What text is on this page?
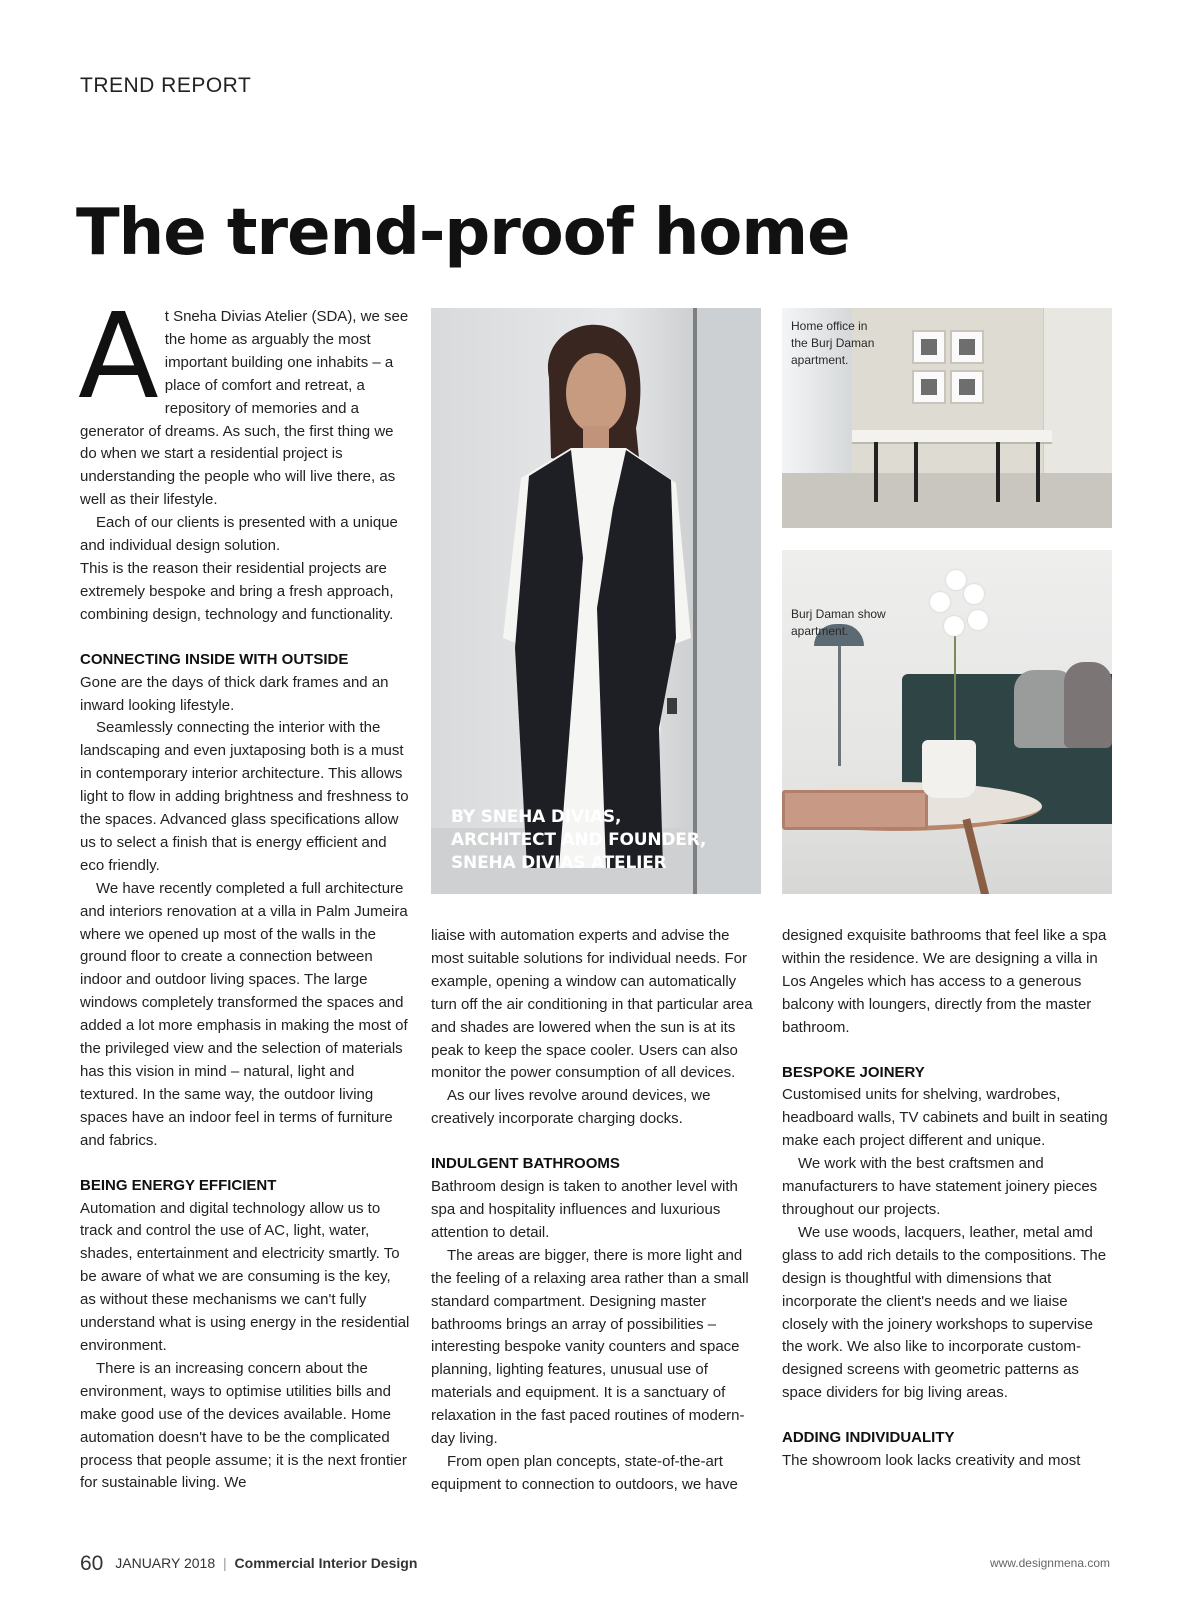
TREND REPORT
The trend-proof home

At Sneha Divias Atelier (SDA), we see the home as arguably the most important building one inhabits – a place of comfort and retreat, a repository of memories and a generator of dreams. As such, the first thing we do when we start a residential project is understanding the people who will live there, as well as their lifestyle.

Each of our clients is presented with a unique and individual design solution.

This is the reason their residential projects are extremely bespoke and bring a fresh approach, combining design, technology and functionality.

CONNECTING INSIDE WITH OUTSIDE

Gone are the days of thick dark frames and an inward looking lifestyle.

Seamlessly connecting the interior with the landscaping and even juxtaposing both is a must in contemporary interior architecture. This allows light to flow in adding brightness and freshness to the spaces. Advanced glass specifications allow us to select a finish that is energy efficient and eco friendly.

We have recently completed a full architecture and interiors renovation at a villa in Palm Jumeira where we opened up most of the walls in the ground floor to create a connection between indoor and outdoor living spaces. The large windows completely transformed the spaces and added a lot more emphasis in making the most of the privileged view and the selection of materials has this vision in mind – natural, light and textured. In the same way, the outdoor living spaces have an indoor feel in terms of furniture and fabrics.

BEING ENERGY EFFICIENT

Automation and digital technology allow us to track and control the use of AC, light, water, shades, entertainment and electricity smartly. To be aware of what we are consuming is the key, as without these mechanisms we can't fully understand what is using energy in the residential environment.

There is an increasing concern about the environment, ways to optimise utilities bills and make good use of the devices available. Home automation doesn't have to be the complicated process that people assume; it is the next frontier for sustainable living. We

BY SNEHA DIVIAS,
ARCHITECT AND FOUNDER,
SNEHA DIVIAS ATELIER
Home office in
the Burj Daman
apartment.
Burj Daman show
apartment.

liaise with automation experts and advise the most suitable solutions for individual needs. For example, opening a window can automatically turn off the air conditioning in that particular area and shades are lowered when the sun is at its peak to keep the space cooler. Users can also monitor the power consumption of all devices.

As our lives revolve around devices, we creatively incorporate charging docks.

INDULGENT BATHROOMS

Bathroom design is taken to another level with spa and hospitality influences and luxurious attention to detail.

The areas are bigger, there is more light and the feeling of a relaxing area rather than a small standard compartment. Designing master bathrooms brings an array of possibilities – interesting bespoke vanity counters and space planning, lighting features, unusual use of materials and equipment. It is a sanctuary of relaxation in the fast paced routines of modern-day living.

From open plan concepts, state-of-the-art equipment to connection to outdoors, we have

designed exquisite bathrooms that feel like a spa within the residence. We are designing a villa in Los Angeles which has access to a generous balcony with loungers, directly from the master bathroom.

BESPOKE JOINERY

Customised units for shelving, wardrobes, headboard walls, TV cabinets and built in seating make each project different and unique.

We work with the best craftsmen and manufacturers to have statement joinery pieces throughout our projects.

We use woods, lacquers, leather, metal amd glass to add rich details to the compositions. The design is thoughtful with dimensions that incorporate the client's needs and we liaise closely with the joinery workshops to supervise the work. We also like to incorporate custom-designed screens with geometric patterns as space dividers for big living areas.

ADDING INDIVIDUALITY

The showroom look lacks creativity and most

60 JANUARY 2018 | Commercial Interior Design	www.designmena.com
